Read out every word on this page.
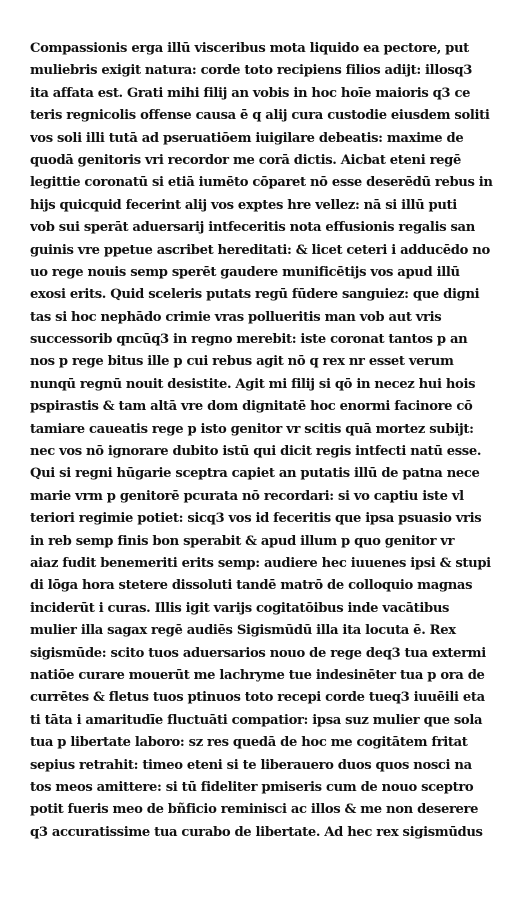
Compassionis erga illū visceribus mota liquido ea pectore, put
muliebris exigit natura: corde toto recipiens filios adijt: illosq3
ita affata est. Grati mihi filij an vobis in hoc hoīe maioris q3 ce
teris regnicolis offense causa ē q alij cura custodie eiusdem soliti
vos soli illi tutā ad pseruatiōem iuigilare debeatis: maxime de
quodā genitoris vri recordor me corā dictis. Aicbat eteni regē
legittie coronatū si etiā iumēto cōparet nō esse deserēdū rebus in
hijs quicquid fecerint alij vos exptes hre vellez: nā si illū puti
vob sui sperāt aduersarij intfeceritis nota effusionis regalis san
guinis vre ppetue ascribet hereditati: & licet ceteri i adducēdo no
uo rege nouis semp sperēt gaudere munificētijs vos apud illū
exosi erits. Quid sceleris putats regū fūdere sanguiez: que digni
tas si hoc nephādo crimie vras pollueritis man vob aut vris
successorib qncūq3 in regno merebit: iste coronat tantos p an
nos p rege bitus ille p cui rebus agit nō q rex nr esset verum
nunqū regnū nouit desistite. Agit mi filij si qō in necez hui hois
pspirastis & tam altā vre dom dignitatē hoc enormi facinore cō
tamiare caueatis rege p isto genitor vr scitis quā mortez subijt:
nec vos nō ignorare dubito istū qui dicit regis intfecti natū esse.
Qui si regni hūgarie sceptra capiet an putatis illū de patna nece
marie vrm p genitorē pcurata nō recordari: si vo captiu iste vl
teriori regimie potiet: sicq3 vos id feceritis que ipsa psuasio vris
in reb semp finis bon sperabit & apud illum p quo genitor vr
aiaz fudit benemeriti erits semp: audiere hec iuuenes ipsi & stupi
di lōga hora stetere dissoluti tandē matrō de colloquio magnas
inciderūt i curas. Illis igit varijs cogitatōibus inde vacātibus
mulier illa sagax regē audiēs Sigismūdū illa ita locuta ē. Rex
sigismūde: scito tuos aduersarios nouo de rege deq3 tua extermi
natiōe curare mouerūt me lachryme tue indesinēter tua p ora de
currētes & fletus tuos ptinuos toto recepi corde tueq3 iuuēili eta
ti tāta i amaritudīe fluctuāti compatior: ipsa suz mulier que sola
tua p libertate laboro: sz res quedā de hoc me cogitātem fritat
sepius retrahit: timeo eteni si te liberauero duos quos nosci na
tos meos amittere: si tū fideliter pmiseris cum de nouo sceptro
potit fueris meo de bñficio reminisci ac illos & me non deserere
q3 accuratissime tua curabo de libertate. Ad hec rex sigismūdus
